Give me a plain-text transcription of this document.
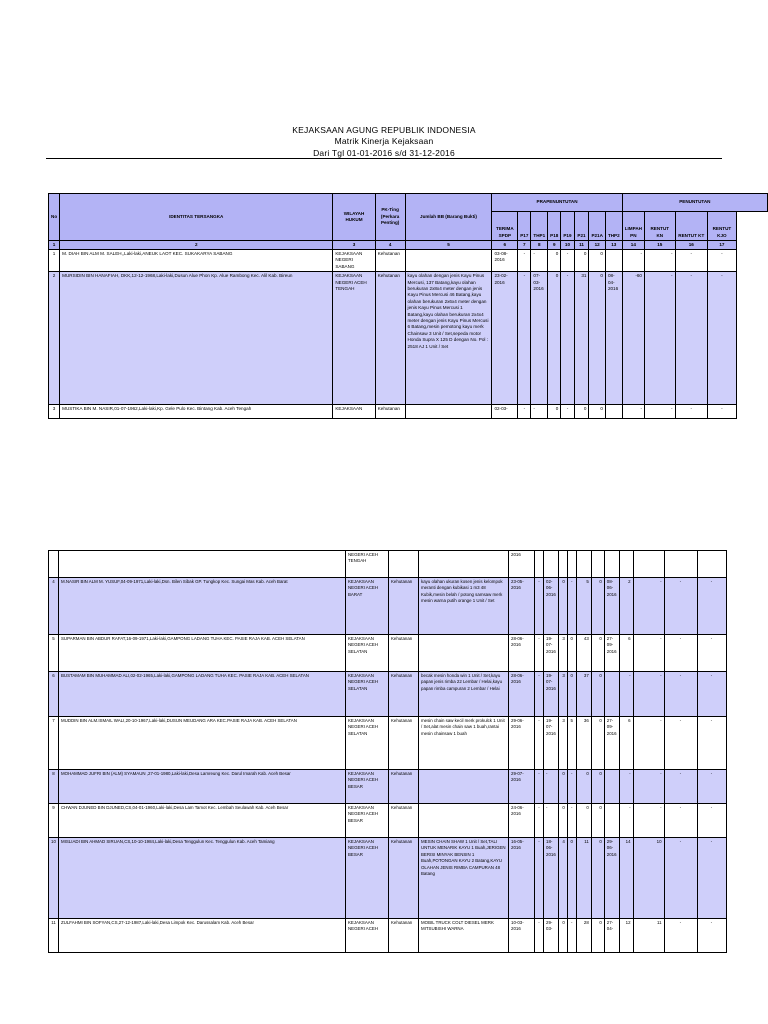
KEJAKSAAN AGUNG REPUBLIK INDONESIA
Matrik Kinerja Kejaksaan
Dari Tgl 01-01-2016 s/d 31-12-2016
No	IDENTITAS TERSANGKA	WILAYAH HUKUM	PK-Ting (Perkara Penting)	Jumlah BB (Barang Bukti)	PRAPENUNTUTAN								PENUNTUTAN			
					TERIMA SPDP	P17	THP1	P18	P19	P21	P21A	THP2	LIMPAH PN	RENTUT KN	RENTUT KT	RENTUT KJO
1	2	3	4	5	6	7	8	9	10	11	12	13	14	15	16	17
1	M. DIAH BIN ALM M. SALEH,,Laki-laki,ANEUK LAOT KEC. SUKAKARYA SABANG	KEJAKSAAN NEGERI SABANG	Kehutanan		03-08-2016	-	-	0	-	0	0		-	-	-	-
2	MURSIDIN BIN HANAFIAH, DKK,12-12-1968,Laki-laki,Dusun Alue Phon Kp. Alue Rambong Kec. Alil Kab. Bireun	KEJAKSAAN NEGERI ACEH TENGAH	Kehutanan	kayu olahan dengan jenis Kayu Pinus Mercusi, 137 Batang,kayu olahan berukuran 2x8x4 meter dengan jenis Kayu Pinus Mercusi 46 Batang,kayu olahan berukuran 2x6x4 meter dengan jenis Kayu Pinus Mercusi 1 Batang,kayu olahan berukuran 2x4x4 meter dengan jenis Kayu Pinus Mercusi 6 Batang,mesin pemotong kayu merk Chainsaw 3 Unit / Set,sepeda motor Honda Supra X 125 D dengan No. Pol : 2518 AJ 1 Unit / Set	23-02-2016	-	07-03-2016	0	-	31	0	08-04-2016	-60	-	-	-
3	MUSTIKA BIN M. NASIR,01-07-1962,Laki-laki,Kp. Gele Pulo Kec. Bintang Kab. Aceh Tengah	KEJAKSAAN	Kehutanan		02-03-	-	-	0	-	0	0		-	-	-	-
		NEGERI ACEH TENGAH			2016											
4	M.NASIR BIN ALM M. YUSUF,04-09-1971,Laki-laki,Dsn. Bilen Sibak GP. Tungkop Kec. Sungai Mas Kab. Aceh Barat	KEJAKSAAN NEGERI ACEH BARAT	Kehutanan	kayu olahan ukuran kosen jenis kelompok meranti dengan kubikasi 1 m3 48 Kubik,mesin belah / potong samsaw merk mesin warna putih orange 1 Unit / Set	23-05-2016	-	02-06-2016	0	-	5	0	08-06-2016	2	-	-	-
5	SUPARMAN BIN ABDUR RAFAT,16-09-1971,Laki-laki,GAMPONG LADANG TUHA KEC. PASIE RAJA KAB. ACEH SELATAN	KEJAKSAAN NEGERI ACEH SELATAN	Kehutanan		28-06-2016	-	19-07-2016	3	0	43	0	27-09-2016	6	-	-	-
6	BUSTAMAM BIN MUHAMMAD ALI,02-02-1965,Laki-laki,GAMPONG LADANG TUHA KEC. PASIE RAJA KAB. ACEH SELATAN	KEJAKSAAN NEGERI ACEH SELATAN	Kehutanan	becak mesin honda win 1 Unit / Set,kayu papan jenis rimba 22 Lembar / Helai,kayu papan rimba campuran 2 Lembar / Helai	28-06-2016	-	19-07-2016	3	0	37	0		-	-	-	-
7	MUDDIN BIN ALM.ISMAIL WALI,20-10-1967,Laki-laki,DUSUN MEUDANG ARA KEC.PASIE RAJA KAB. ACEH SELATAN	KEJAKSAAN NEGERI ACEH SELATAN	Kehutanan	mesin chain saw kecil merk prokulck 1 Unit / Set,alat mesin chain saw 1 buah,rantai mesin chainsaw 1 buah	29-06-2016	-	19-07-2016	3	5	36	0	27-09-2016	6	-	-	-
8	MOHAMMAD JUFRI BIN (ALM) SYAMAUN ,27-01-1980,Laki-laki,Desa Lamreung Kec. Darul Imarah Kab. Aceh Besar	KEJAKSAAN NEGERI ACEH BESAR	Kehutanan		29-07-2016	-	-	0	-	0	0		-	-	-	-
9	CHWAN DJUNED BIN DJUNED,CS,04-01-1960,Laki-laki,Desa Lam Tamot Kec. Lembah Seulawah Kab. Aceh Besar	KEJAKSAAN NEGERI ACEH BESAR	Kehutanan		24-06-2016	-	-	0	-	0	0		-	-	-	-
10	MISLIADI BIN AHMAD SIRUAN,CS,10-10-1984,Laki-laki,Desa Tenggulun Kec. Tenggulun Kab. Aceh Tamiang	KEJAKSAAN NEGERI ACEH BESAR	Kehutanan	MESIN CHAIN SHAW 1 Unit / Set,TALI UNTUK MENARIK KAYU 1 Buah,JERIGEN BERISI MINYAK BENSIN 1 Buah,POTONGAN KAYU 2 Batang,KAYU OLAHAN JENIS RIMBA CAMPURAN 48 Batang	16-05-2016	-	18-06-2016	4	0	11	0	29-06-2016	14	10	-	-
11	ZULFAHMI BIN SOFYAN,CS,27-12-1987,Laki-laki,Desa Limpok Kec. Darussalam Kab. Aceh Besar	KEJAKSAAN NEGERI ACEH	Kehutanan	MOBIL TRUCK COLT DIESEL MERK MITSUBISHI WARNA	10-03-2016	-	29-03-	0	-	28	0	27-04-	12	11	-	-
